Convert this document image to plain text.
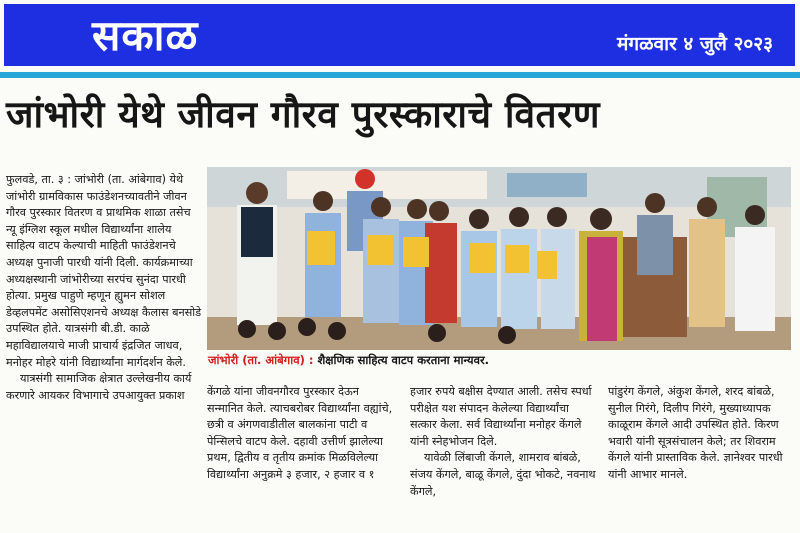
सकाळ	मंगळवार ४ जुलै २०२३
जांभोरी येथे जीवन गौरव पुरस्काराचे वितरण

फुलवडे, ता. ३ : जांभोरी (ता. आंबेगाव) येथे जांभोरी ग्रामविकास फाउंडेशनच्यावतीने जीवन गौरव पुरस्कार वितरण व प्राथमिक शाळा तसेच न्यू इंग्लिश स्कूल मधील विद्यार्थ्यांना शालेय साहित्य वाटप केल्याची माहिती फाउंडेशनचे अध्यक्ष पुनाजी पारधी यांनी दिली. कार्यक्रमाच्या अध्यक्षस्थानी जांभोरीच्या सरपंच सुनंदा पारधी होत्या. प्रमुख पाहुणे म्हणून ह्युमन सोशल डेव्हलपमेंट असोसिएशनचे अध्यक्ष कैलास बनसोडे उपस्थित होते. यात्रसंगी बी.डी. काळे महाविद्यालयाचे माजी प्राचार्य इंद्रजित जाधव, मनोहर मोहरे यांनी विद्यार्थ्यांना मार्गदर्शन केले.

यात्रसंगी सामाजिक क्षेत्रात उल्लेखनीय कार्य करणारे आयकर विभागाचे उपआयुक्त प्रकाश

जांभोरी (ता. आंबेगाव) : शैक्षणिक साहित्य वाटप करताना मान्यवर.

केंगळे यांना जीवनगौरव पुरस्कार देऊन सन्मानित केले. त्याचबरोबर विद्यार्थ्यांना वह्यांचे, छत्री व अंगणवाडीतील बालकांना पाटी व पेन्सिलचे वाटप केले. दहावी उत्तीर्ण झालेल्या प्रथम, द्वितीय व तृतीय क्रमांक मिळविलेल्या विद्यार्थ्यांना अनुक्रमे ३ हजार, २ हजार व १

हजार रुपये बक्षीस देण्यात आली. तसेच स्पर्धा परीक्षेत यश संपादन केलेल्या विद्यार्थ्यांचा सत्कार केला. सर्व विद्यार्थ्यांना मनोहर केंगले यांनी स्नेहभोजन दिले.

यावेळी लिंबाजी केंगले, शामराव बांबळे, संजय केंगले, बाळू केंगले, दुंदा भोकटे, नवनाथ केंगले,

पांडुरंग केंगले, अंकुश केंगले, शरद बांबळे, सुनील गिरंगे, दिलीप गिरंगे, मुख्याध्यापक काळूराम केंगले आदी उपस्थित होते. किरण भवारी यांनी सूत्रसंचालन केले; तर शिवराम केंगले यांनी प्रास्ताविक केले. ज्ञानेश्वर पारधी यांनी आभार मानले.
